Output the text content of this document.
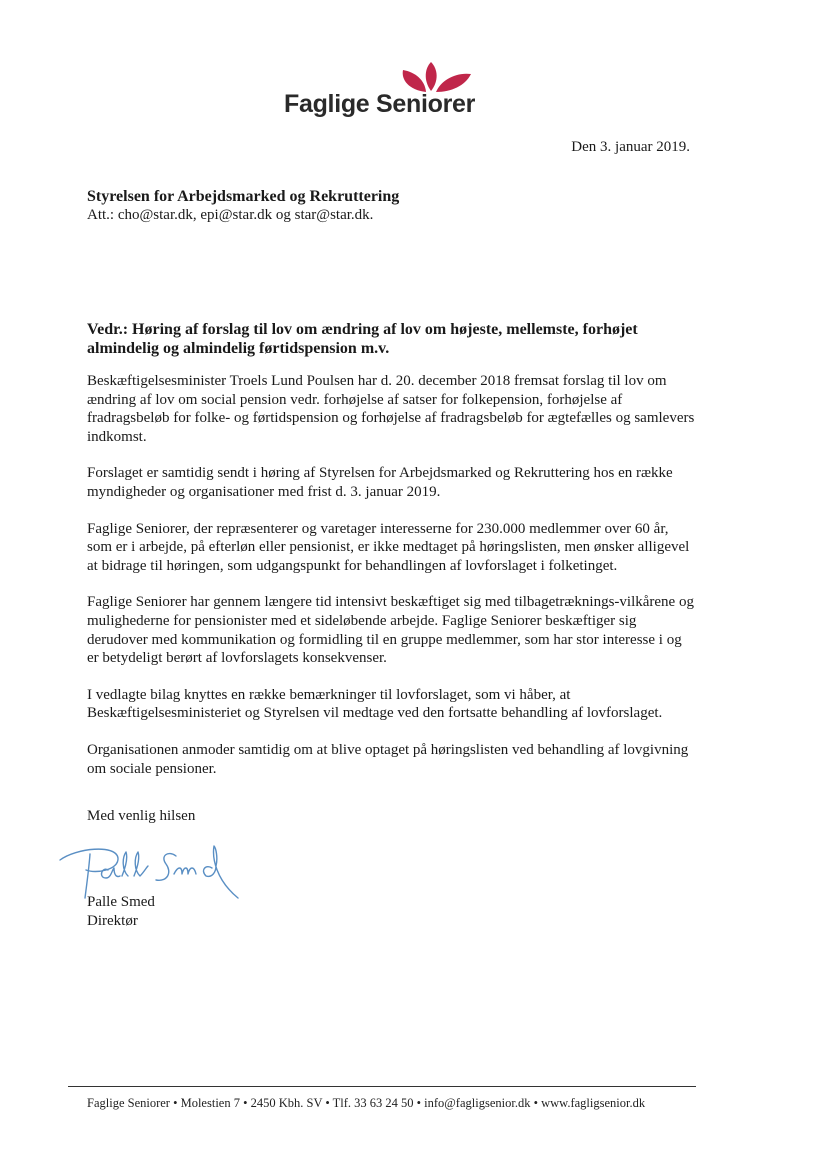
Faglige Seniorer
Den 3. januar 2019.
Styrelsen for Arbejdsmarked og Rekruttering
Att.: cho@star.dk, epi@star.dk og star@star.dk.
Vedr.: Høring af forslag til lov om ændring af lov om højeste, mellemste, forhøjet almindelig og almindelig førtidspension m.v.

Beskæftigelsesminister Troels Lund Poulsen har d. 20. december 2018 fremsat forslag til lov om ændring af lov om social pension vedr. forhøjelse af satser for folkepension, forhøjelse af fradragsbeløb for folke- og førtidspension og forhøjelse af fradragsbeløb for ægtefælles og samlevers indkomst.

Forslaget er samtidig sendt i høring af Styrelsen for Arbejdsmarked og Rekruttering hos en række myndigheder og organisationer med frist d. 3. januar 2019.

Faglige Seniorer, der repræsenterer og varetager interesserne for 230.000 medlemmer over 60 år, som er i arbejde, på efterløn eller pensionist, er ikke medtaget på høringslisten, men ønsker alligevel at bidrage til høringen, som udgangspunkt for behandlingen af lovforslaget i folketinget.

Faglige Seniorer har gennem længere tid intensivt beskæftiget sig med tilbagetræknings-vilkårene og mulighederne for pensionister med et sideløbende arbejde. Faglige Seniorer beskæftiger sig derudover med kommunikation og formidling til en gruppe medlemmer, som har stor interesse i og er betydeligt berørt af lovforslagets konsekvenser.

I vedlagte bilag knyttes en række bemærkninger til lovforslaget, som vi håber, at Beskæftigelsesministeriet og Styrelsen vil medtage ved den fortsatte behandling af lovforslaget.

Organisationen anmoder samtidig om at blive optaget på høringslisten ved behandling af lovgivning om sociale pensioner.

Med venlig hilsen
Palle Smed
Direktør
Faglige Seniorer • Molestien 7 • 2450 Kbh. SV • Tlf. 33 63 24 50 • info@fagligsenior.dk • www.fagligsenior.dk
